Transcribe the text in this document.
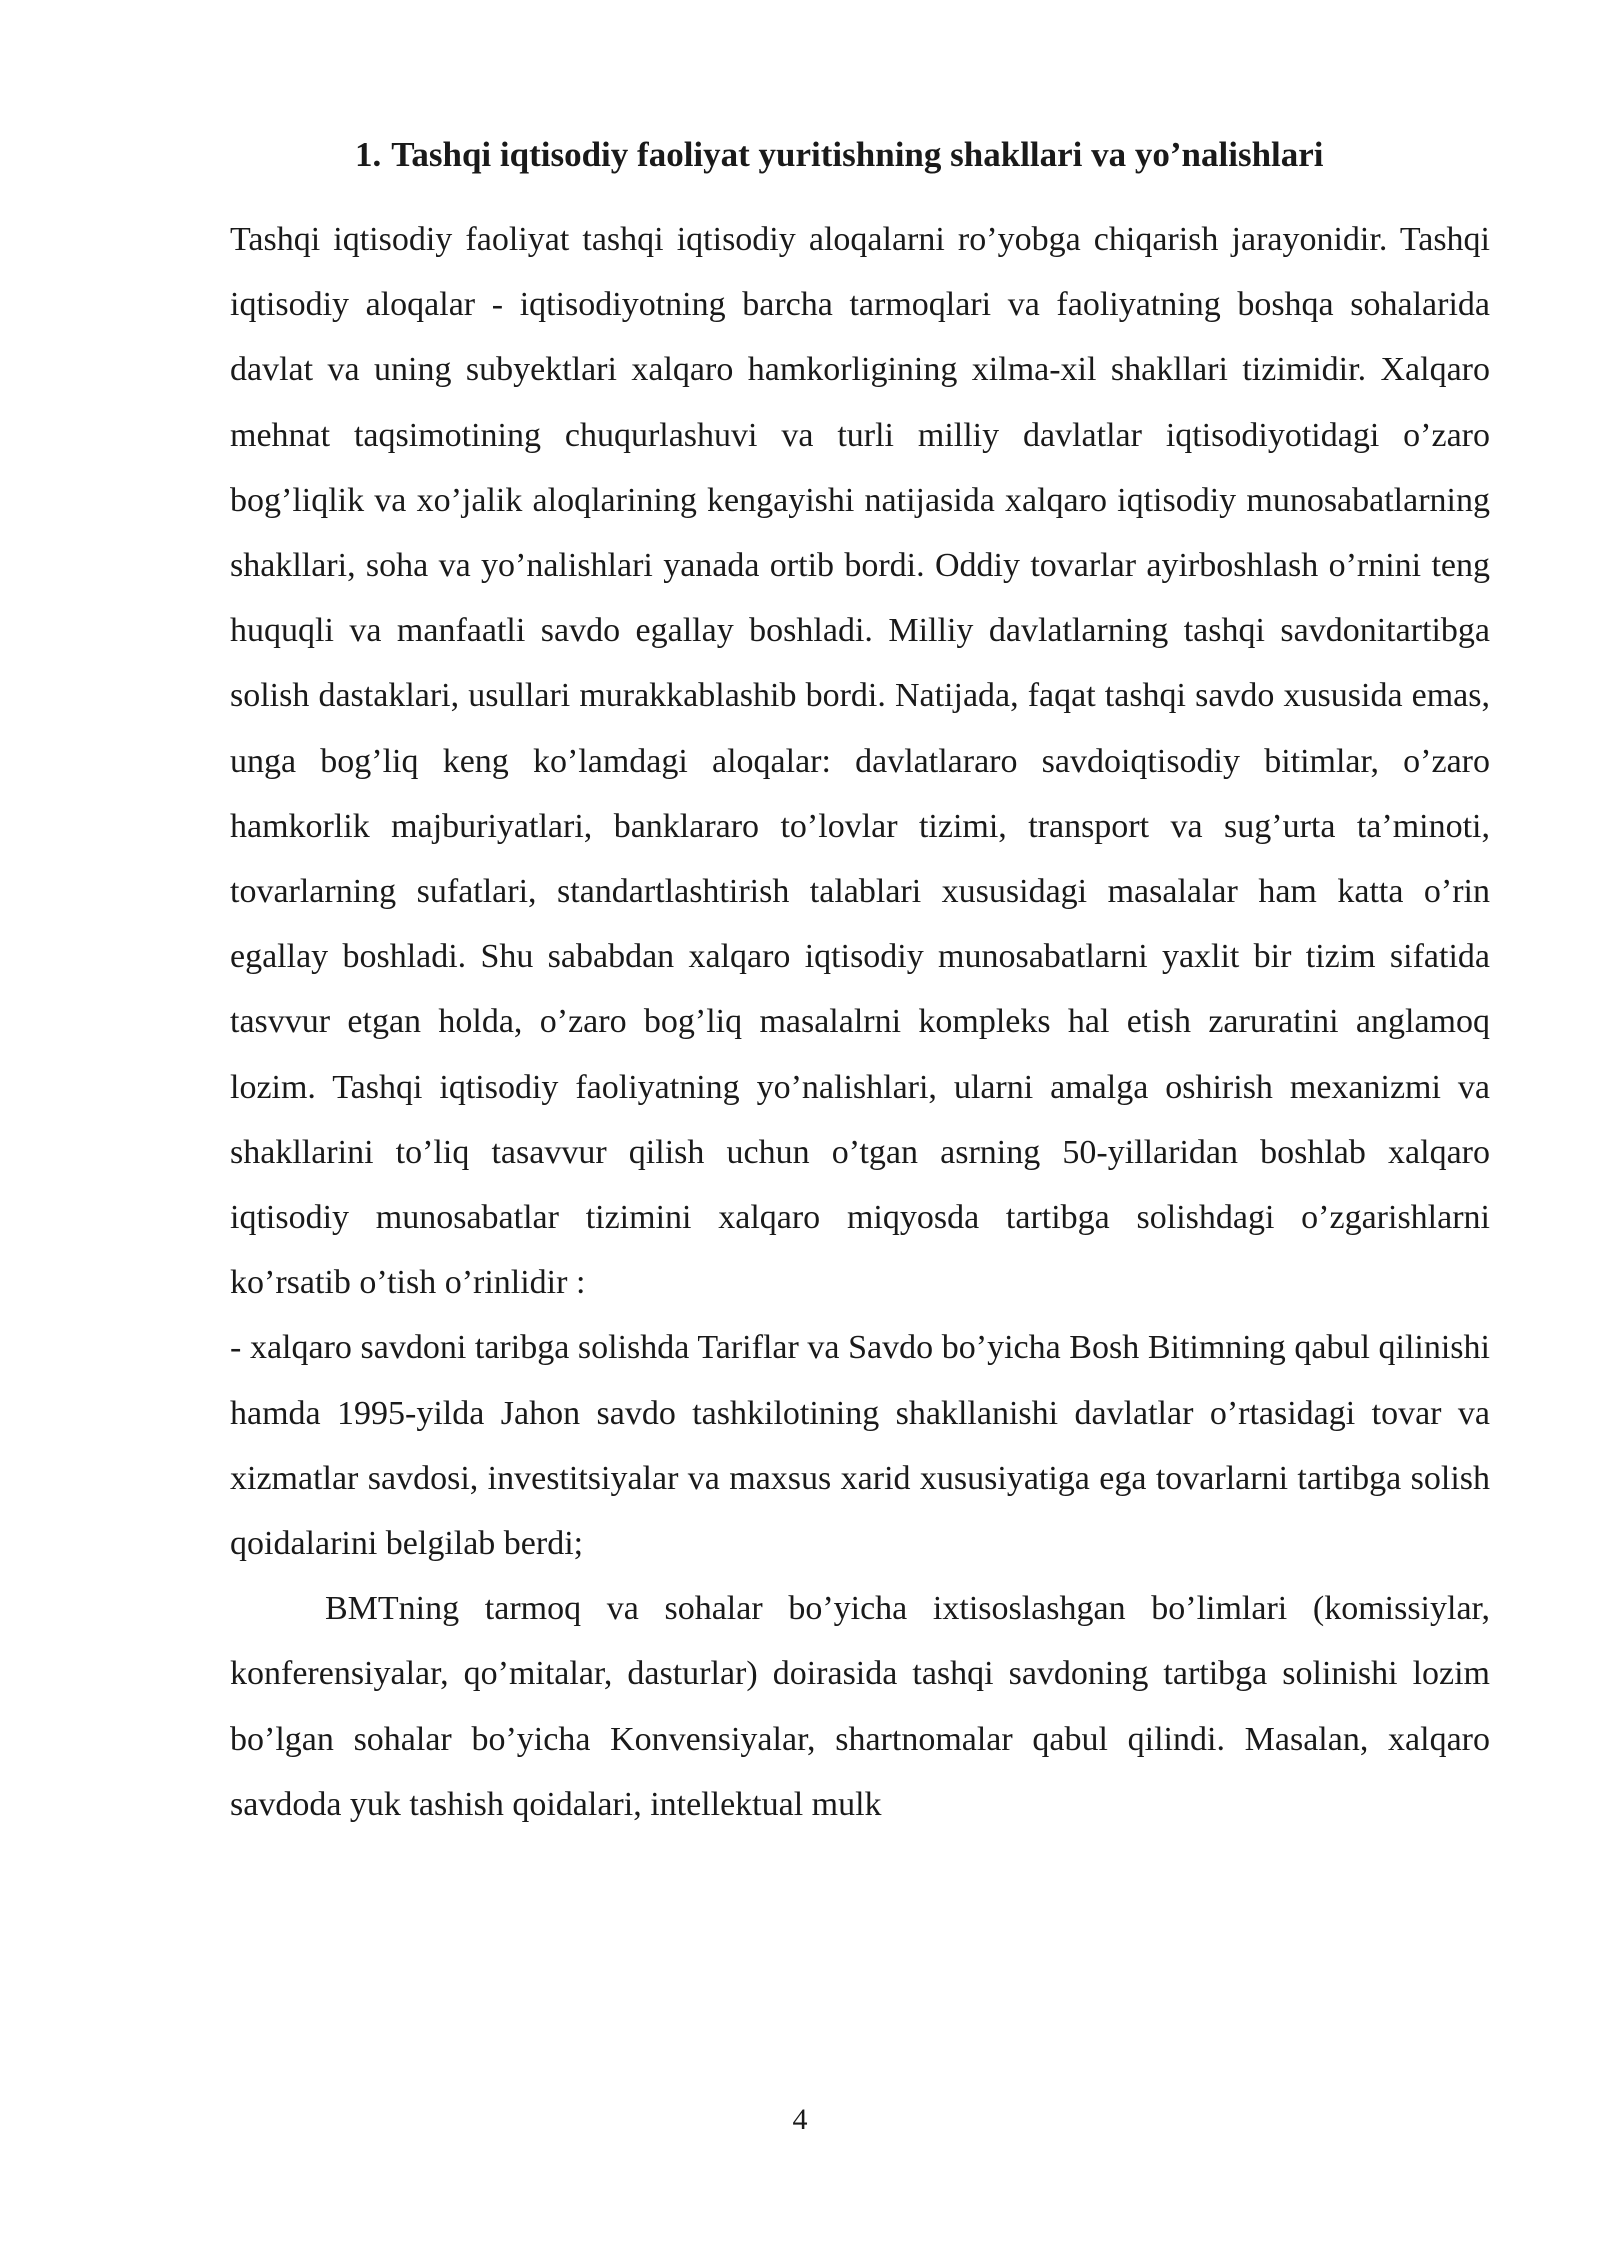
1. Tashqi iqtisodiy faoliyat yuritishning shakllari va yo’nalishlari

Tashqi iqtisodiy faoliyat tashqi iqtisodiy aloqalarni ro’yobga chiqarish jarayonidir. Tashqi iqtisodiy aloqalar - iqtisodiyotning barcha tarmoqlari va faoliyatning boshqa sohalarida davlat va uning subyektlari xalqaro hamkorligining xilma-xil shakllari tizimidir. Xalqaro mehnat taqsimotining chuqurlashuvi va turli milliy davlatlar iqtisodiyotidagi o’zaro bog’liqlik va xo’jalik aloqlarining kengayishi natijasida xalqaro iqtisodiy munosabatlarning shakllari, soha va yo’nalishlari yanada ortib bordi. Oddiy tovarlar ayirboshlash o’rnini teng huquqli va manfaatli savdo egallay boshladi. Milliy davlatlarning tashqi savdonitartibga solish dastaklari, usullari murakkablashib bordi. Natijada, faqat tashqi savdo xususida emas, unga bog’liq keng ko’lamdagi aloqalar: davlatlararo savdoiqtisodiy bitimlar, o’zaro hamkorlik majburiyatlari, banklararo to’lovlar tizimi, transport va sug’urta ta’minoti, tovarlarning sufatlari, standartlashtirish talablari xususidagi masalalar ham katta o’rin egallay boshladi. Shu sababdan xalqaro iqtisodiy munosabatlarni yaxlit bir tizim sifatida tasvvur etgan holda, o’zaro bog’liq masalalrni kompleks hal etish zaruratini anglamoq lozim. Tashqi iqtisodiy faoliyatning yo’nalishlari, ularni amalga oshirish mexanizmi va shakllarini to’liq tasavvur qilish uchun o’tgan asrning 50-yillaridan boshlab xalqaro iqtisodiy munosabatlar tizimini xalqaro miqyosda tartibga solishdagi o’zgarishlarni ko’rsatib o’tish o’rinlidir :

- xalqaro savdoni taribga solishda Tariflar va Savdo bo’yicha Bosh Bitimning qabul qilinishi hamda 1995-yilda Jahon savdo tashkilotining shakllanishi davlatlar o’rtasidagi tovar va xizmatlar savdosi, investitsiyalar va maxsus xarid xususiyatiga ega tovarlarni tartibga solish qoidalarini belgilab berdi;

BMTning tarmoq va sohalar bo’yicha ixtisoslashgan bo’limlari (komissiylar, konferensiyalar, qo’mitalar, dasturlar) doirasida tashqi savdoning tartibga solinishi lozim bo’lgan sohalar bo’yicha Konvensiyalar, shartnomalar qabul qilindi. Masalan, xalqaro savdoda yuk tashish qoidalari, intellektual mulk

4
